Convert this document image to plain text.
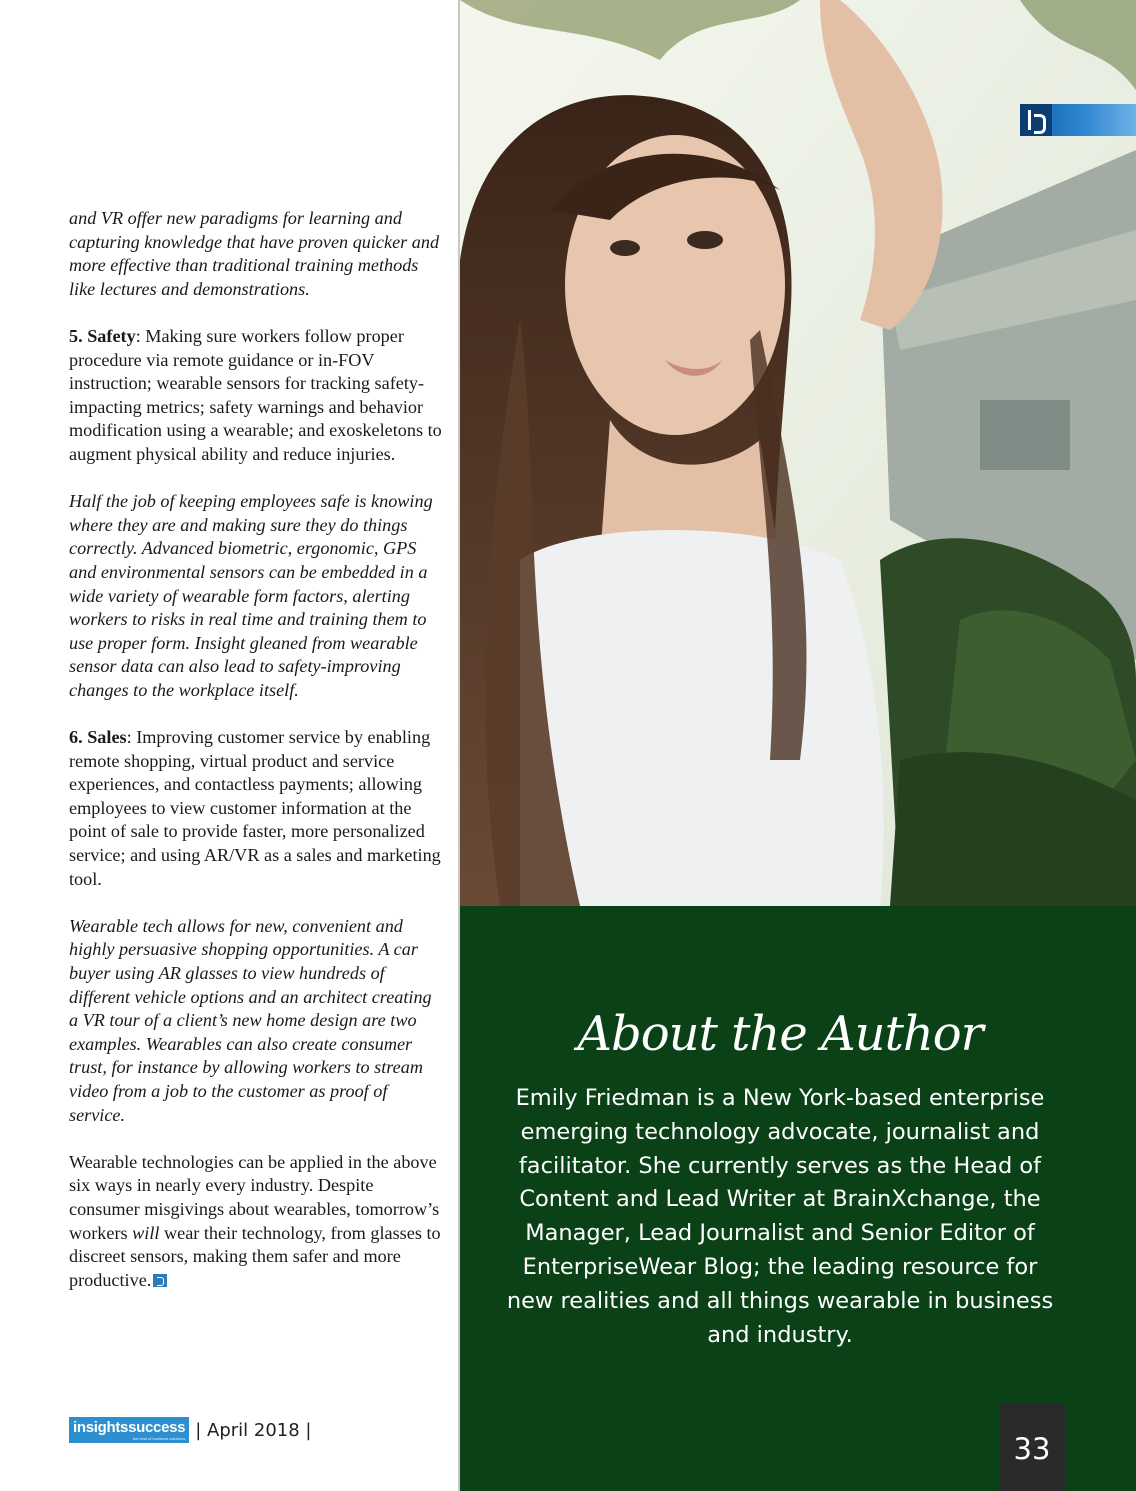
and VR offer new paradigms for learning and capturing knowledge that have proven quicker and more effective than traditional training methods like lectures and demonstrations.

5. Safety: Making sure workers follow proper procedure via remote guidance or in-FOV instruction; wearable sensors for tracking safety-impacting metrics; safety warnings and behavior modification using a wearable; and exoskeletons to augment physical ability and reduce injuries.

Half the job of keeping employees safe is knowing where they are and making sure they do things correctly. Advanced biometric, ergonomic, GPS and environmental sensors can be embedded in a wide variety of wearable form factors, alerting workers to risks in real time and training them to use proper form. Insight gleaned from wearable sensor data can also lead to safety-improving changes to the workplace itself.

6. Sales: Improving customer service by enabling remote shopping, virtual product and service experiences, and contactless payments; allowing employees to view customer information at the point of sale to provide faster, more personalized service; and using AR/VR as a sales and marketing tool.

Wearable tech allows for new, convenient and highly persuasive shopping opportunities. A car buyer using AR glasses to view hundreds of different vehicle options and an architect creating a VR tour of a client’s new home design are two examples. Wearables can also create consumer trust, for instance by allowing workers to stream video from a job to the customer as proof of service.

Wearable technologies can be applied in the above six ways in nearly every industry. Despite consumer misgivings about wearables, tomorrow’s workers will wear their technology, from glasses to discreet sensors, making them safer and more productive.

insightssuccess
the best of business solutions | April 2018 |
About the Author
Emily Friedman is a New York-based enterprise emerging technology advocate, journalist and facilitator. She currently serves as the Head of Content and Lead Writer at BrainXchange, the Manager, Lead Journalist and Senior Editor of EnterpriseWear Blog; the leading resource for new realities and all things wearable in business and industry.
33
